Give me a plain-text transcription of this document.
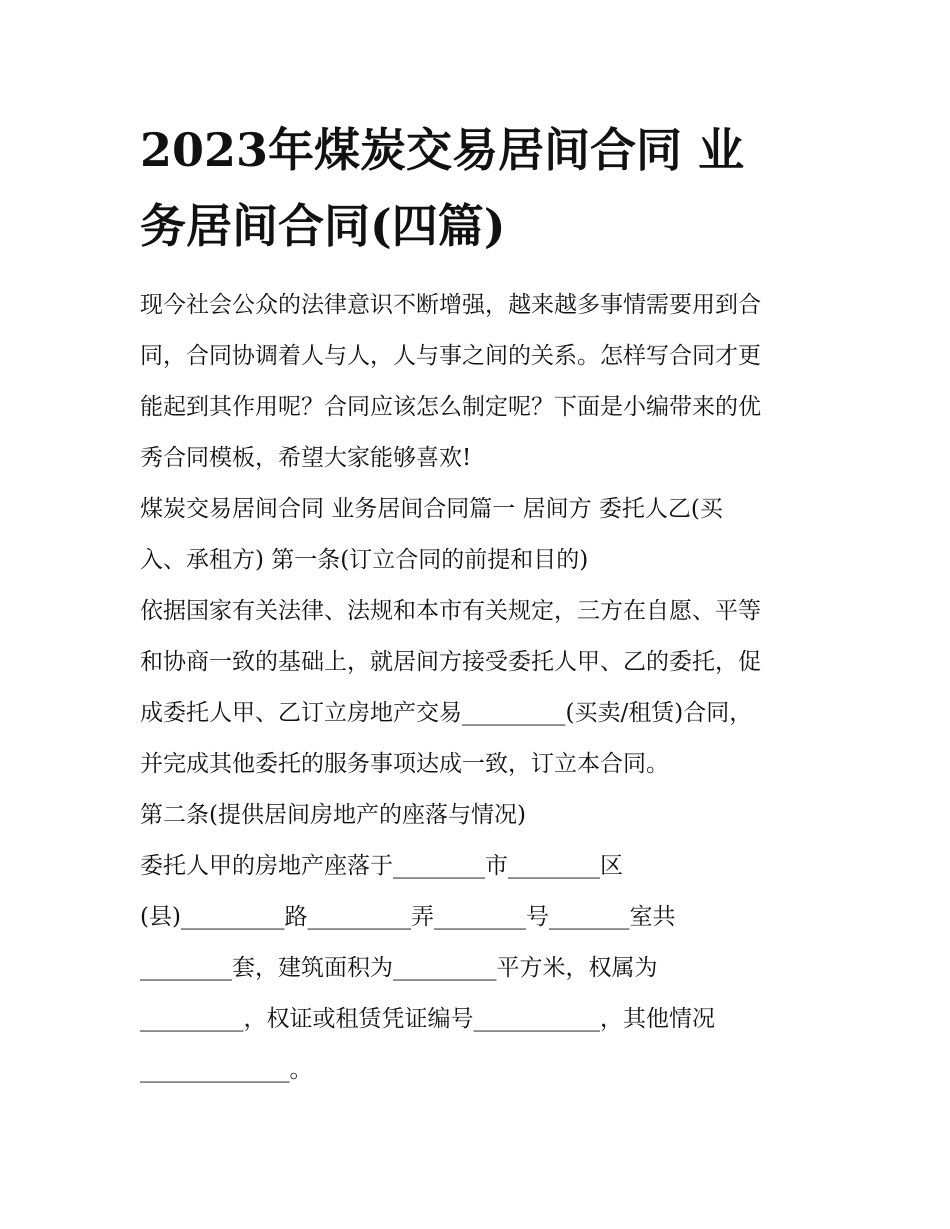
2023年煤炭交易居间合同 业
务居间合同(四篇)
现今社会公众的法律意识不断增强，越来越多事情需要用到合
同，合同协调着人与人，人与事之间的关系。怎样写合同才更
能起到其作用呢？合同应该怎么制定呢？下面是小编带来的优
秀合同模板，希望大家能够喜欢!
煤炭交易居间合同 业务居间合同篇一 居间方 委托人乙(买
入、承租方) 第一条(订立合同的前提和目的)
依据国家有关法律、法规和本市有关规定，三方在自愿、平等
和协商一致的基础上，就居间方接受委托人甲、乙的委托，促
成委托人甲、乙订立房地产交易_________(买卖/租赁)合同，
并完成其他委托的服务事项达成一致，订立本合同。
第二条(提供居间房地产的座落与情况)
委托人甲的房地产座落于________市________区
(县)_________路_________弄________号_______室共
________套，建筑面积为_________平方米，权属为
_________，权证或租赁凭证编号___________，其他情况
_____________。
